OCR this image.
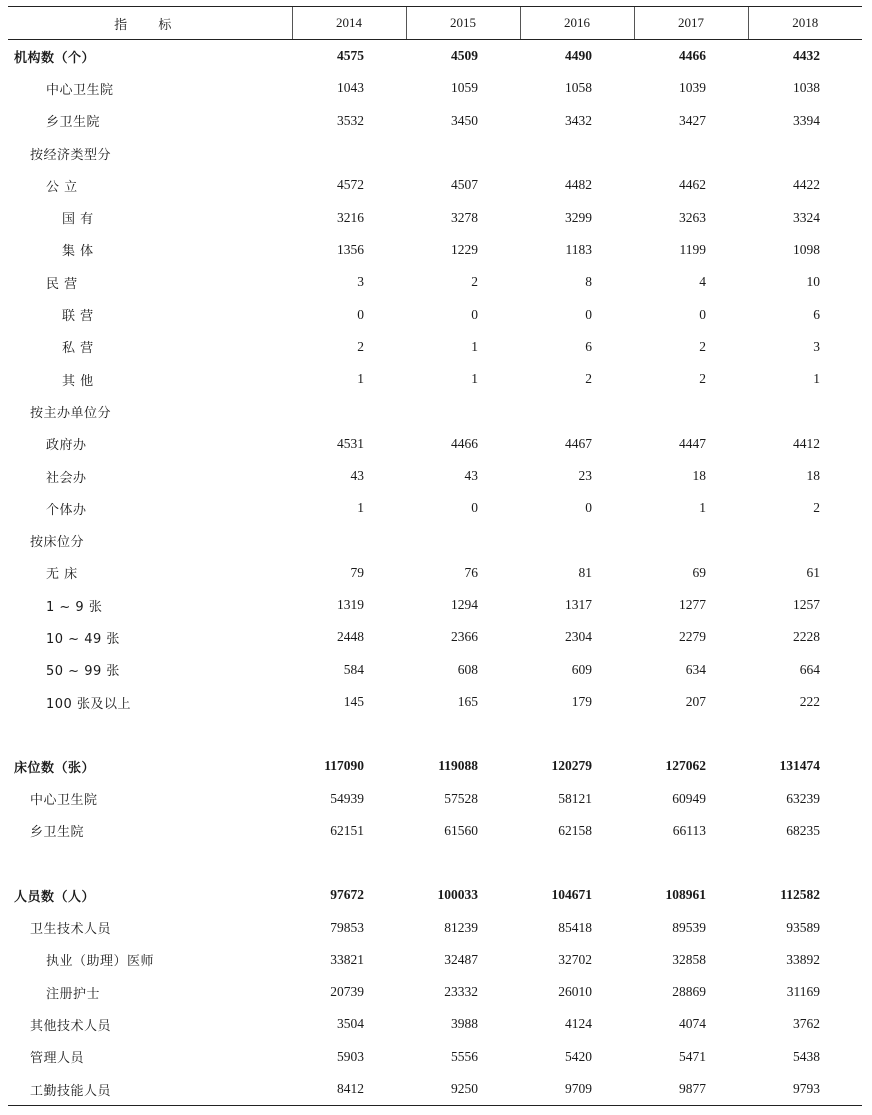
指 标	2014	2015	2016	2017	2018
机构数（个）	4575	4509	4490	4466	4432
中心卫生院	1043	1059	1058	1039	1038
乡卫生院	3532	3450	3432	3427	3394
按经济类型分					
公 立	4572	4507	4482	4462	4422
国 有	3216	3278	3299	3263	3324
集 体	1356	1229	1183	1199	1098
民 营	3	2	8	4	10
联 营	0	0	0	0	6
私 营	2	1	6	2	3
其 他	1	1	2	2	1
按主办单位分					
政府办	4531	4466	4467	4447	4412
社会办	43	43	23	18	18
个体办	1	0	0	1	2
按床位分					
无 床	79	76	81	69	61
1 ~ 9 张	1319	1294	1317	1277	1257
10 ~ 49 张	2448	2366	2304	2279	2228
50 ~ 99 张	584	608	609	634	664
100 张及以上	145	165	179	207	222

床位数（张）	117090	119088	120279	127062	131474
中心卫生院	54939	57528	58121	60949	63239
乡卫生院	62151	61560	62158	66113	68235

人员数（人）	97672	100033	104671	108961	112582
卫生技术人员	79853	81239	85418	89539	93589
执业（助理）医师	33821	32487	32702	32858	33892
注册护士	20739	23332	26010	28869	31169
其他技术人员	3504	3988	4124	4074	3762
管理人员	5903	5556	5420	5471	5438
工勤技能人员	8412	9250	9709	9877	9793
